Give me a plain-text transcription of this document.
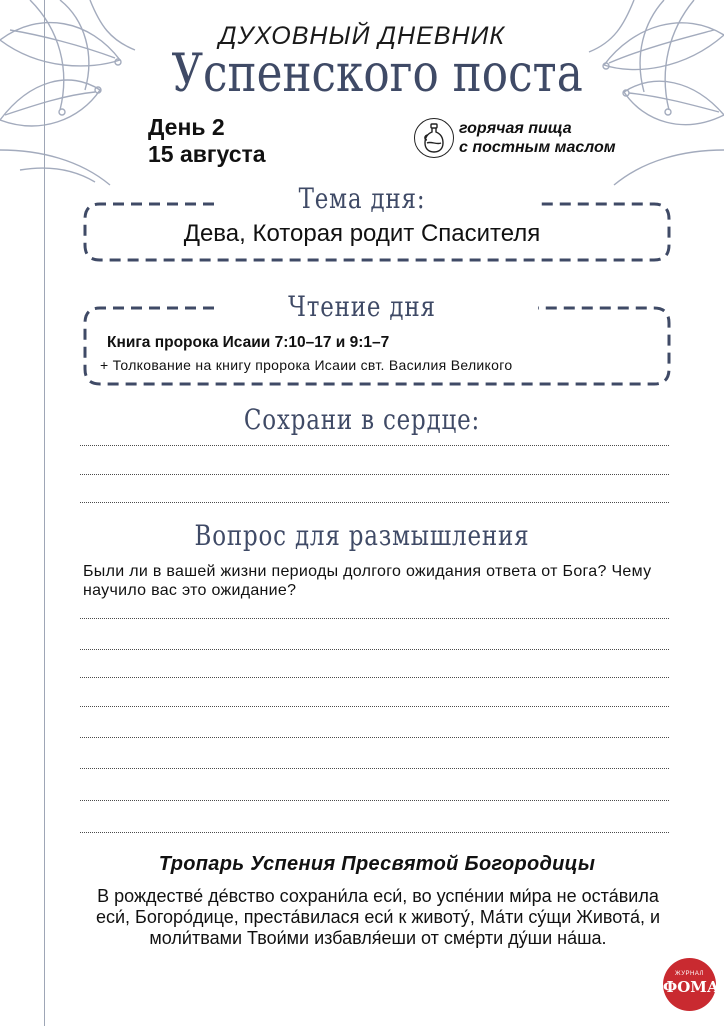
ДУХОВНЫЙ ДНЕВНИК
Успенского поста
День 2
15 августа
горячая пища
с постным маслом
Тема дня:
Дева, Которая родит Спасителя
Чтение дня
Книга пророка Исаии 7:10–17 и 9:1–7
+ Толкование на книгу пророка Исаии свт. Василия Великого
Сохрани в сердце:
Вопрос для размышления
Были ли в вашей жизни периоды долгого ожидания ответа от Бога? Чему научило вас это ожидание?
Тропарь Успения Пресвятой Богородицы
В рождестве́ де́вство сохрани́ла еси́, во успе́нии ми́ра не оста́вила еси́, Богоро́дице, преста́вилася еси́ к животу́, Ма́ти су́щи Живота́, и моли́твами Твои́ми избавля́еши от сме́рти ду́ши на́ша.
ЖУРНАЛ
ФОМА
